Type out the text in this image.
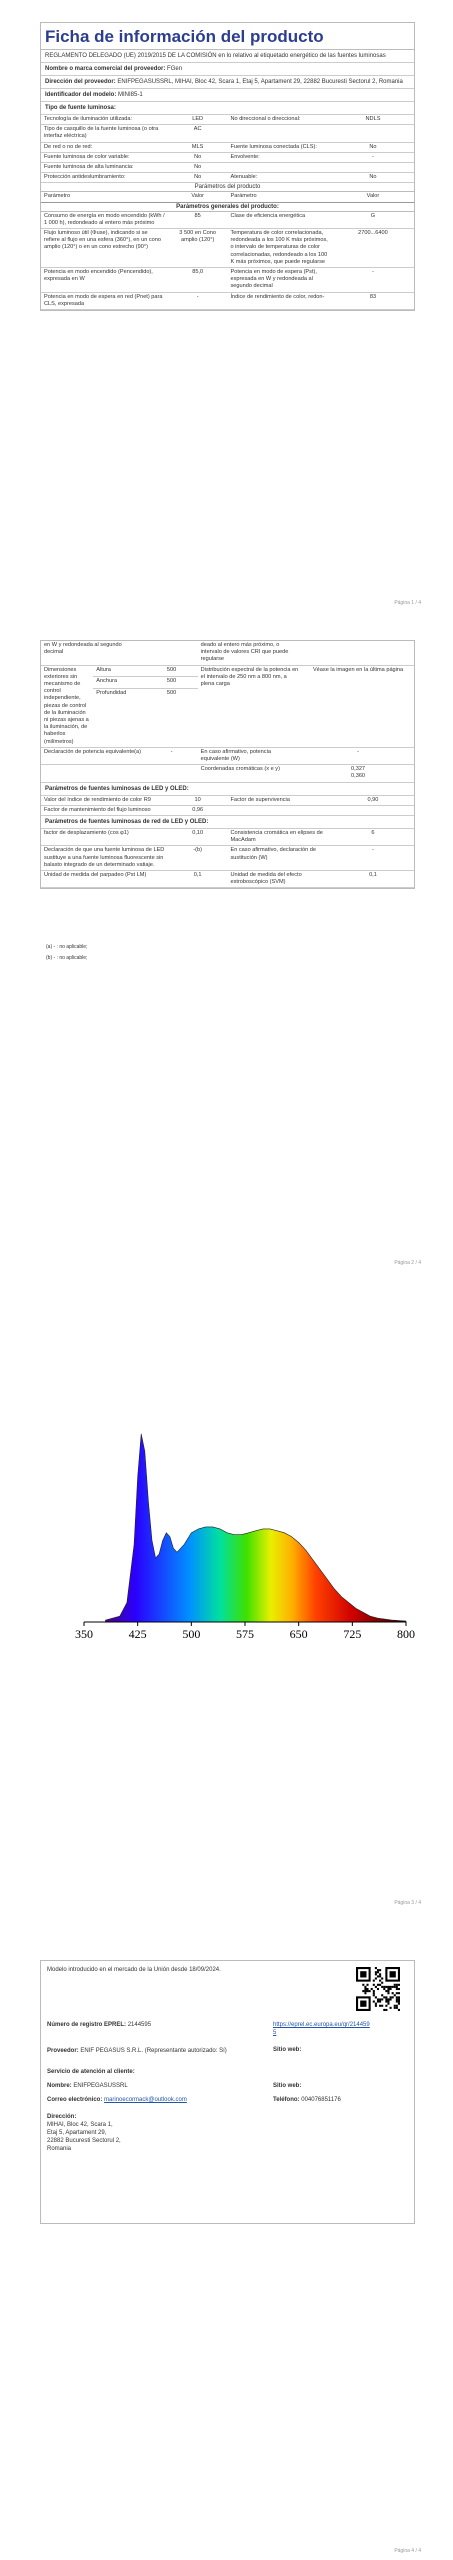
Ficha de información del producto
REGLAMENTO DELEGADO (UE) 2019/2015 DE LA COMISIÓN en lo relativo al etiquetado energético de las fuentes luminosas
Nombre o marca comercial del proveedor: FGen
Dirección del proveedor: ENIFPEGASUSSRL, MIHAI, Bloc 42, Scara 1, Etaj 5, Apartament 29, 22882 Bucuresti Sectorul 2, Romania
Identificador del modelo: MINI85-1
Tipo de fuente luminosa:
Tecnología de iluminación utilizada:	LED	No direccional o direccional:	NDLS
Tipo de casquillo de la fuente luminosa (o otra interfaz eléctrica)	AC		
De red o no de red:	MLS	Fuente luminosa conectada (CLS):	No
Fuente luminosa de color variable:	No	Envolvente:	-
Fuente luminosa de alta luminancia:	No		
Protección antideslumbramiento:	No	Atenuable:	No
Parámetros del producto
Parámetro	Valor	Parámetro	Valor
Parámetros generales del producto:
Consumo de energía en modo encendido (kWh / 1 000 h), redondeado al entero más próximo	85	Clase de eficiencia energética	G
Flujo luminoso útil (Φuse), indicando si se refiere al flujo en una esfera (360°), en un cono amplio (120°) o en un cono estrecho (90°)	3 500 en Cono amplio (120°)	Temperatura de color correlacionada, redondeada a los 100 K más próximos, o intervalo de temperaturas de color correlacionadas, redondeado a los 100 K más próximos, que puede regularse	2700...6400
Potencia en modo encendido (Pencendido), expresada en W	85,0	Potencia en modo de espera (Pst), expresada en W y redondeada al segundo decimal	-
Potencia en modo de espera en red (Pnet) para CLS, expresada	-	Índice de rendimiento de color, redon-	83
Página 1 / 4
en W y redondeada al segundo decimal			deado al entero más próximo, o intervalo de valores CRI que puede regularse	
Dimensiones exteriores sin mecanismo de control independiente, piezas de control de la iluminación ni piezas ajenas a la iluminación, de haberlos (milímetros)	Altura	500	Distribución espectral de la potencia en el intervalo de 250 nm a 800 nm, a plena carga	Véase la imagen en la última página
	Anchura	500		
	Profundidad	500		
Declaración de potencia equivalente(a)		-	En caso afirmativo, potencia equivalente (W)	-
			Coordenadas cromáticas (x e y)	0,327
0,360
Parámetros de fuentes luminosas de LED y OLED:
Valor del índice de rendimiento de color R9	10	Factor de supervivencia	0,90
Factor de mantenimiento del flujo luminoso	0,96		
Parámetros de fuentes luminosas de red de LED y OLED:
factor de desplazamiento (cos φ1)	0,10	Consistencia cromática en elipses de MacAdam	6
Declaración de que una fuente luminosa de LED sustituye a una fuente luminosa fluorescente sin balasto integrado de un determinado vatiaje.	-(b)	En caso afirmativo, declaración de sustitución (W)	-
Unidad de medida del parpadeo (Pst LM)	0,1	Unidad de medida del efecto estroboscópico (SVM)	0,1
(a) - : no aplicable;
(b) - : no aplicable;
Página 2 / 4
350	425	500	575	650	725	800
Página 3 / 4
Modelo introducido en el mercado de la Unión desde 18/09/2024.
Número de registro EPREL: 2144595	https://eprel.ec.europa.eu/qr/2144595
Proveedor: ENIF PEGASUS S.R.L. (Representante autorizado: Sí)	Sitio web:
Servicio de atención al cliente:
Nombre: ENIFPEGASUSSRL	Sitio web:
Correo electrónico: marinoecormack@outlook.com	Teléfono: 004076851176
Dirección:
MIHAI, Bloc 42, Scara 1,
Etaj 5, Apartament 29,
22882 Bucuresti Sectorul 2,
Romania
Página 4 / 4
